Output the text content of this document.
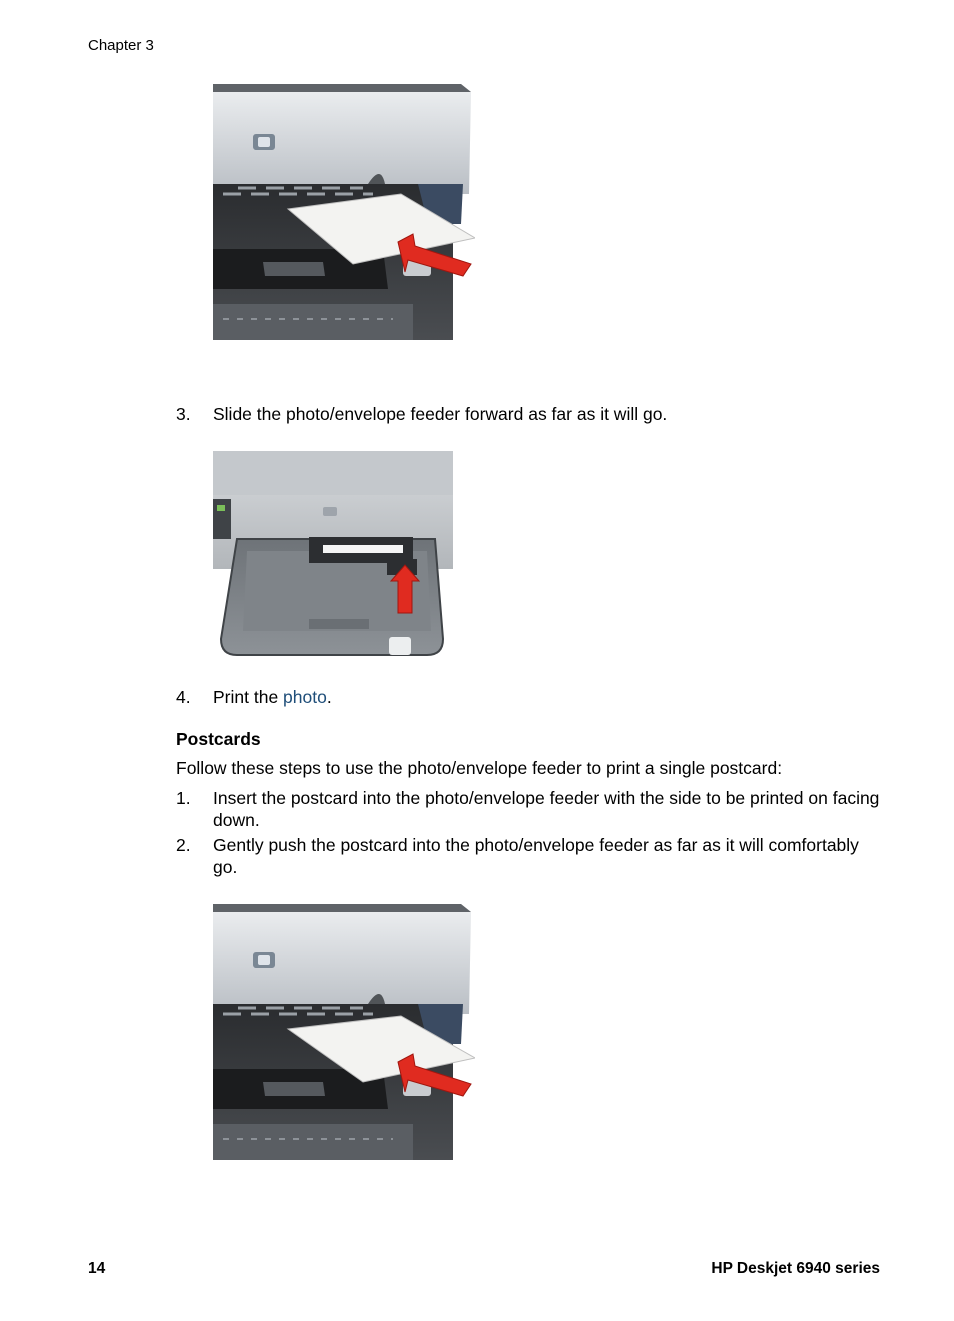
Chapter 3
3. Slide the photo/envelope feeder forward as far as it will go.
4. Print the photo.
Postcards
Follow these steps to use the photo/envelope feeder to print a single postcard:
1. Insert the postcard into the photo/envelope feeder with the side to be printed on facing down.
2. Gently push the postcard into the photo/envelope feeder as far as it will comfortably go.
14	HP Deskjet 6940 series
